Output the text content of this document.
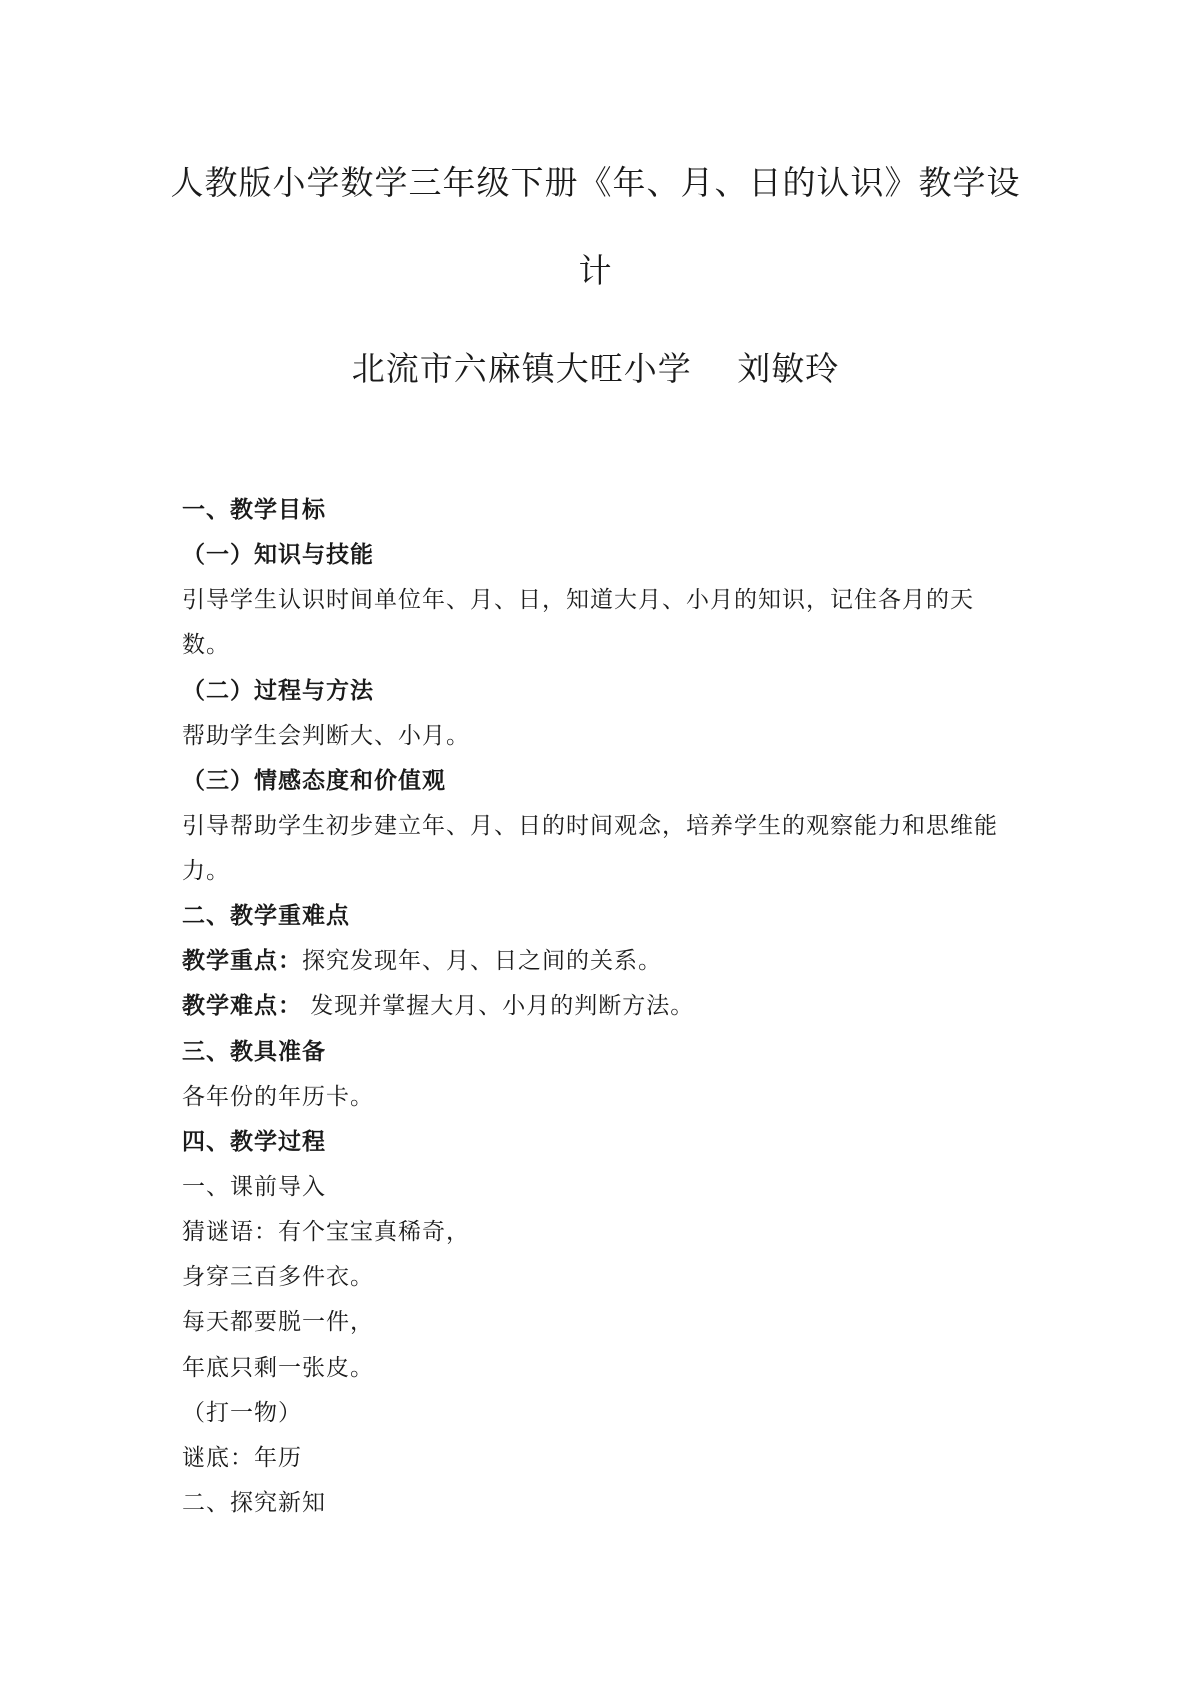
人教版小学数学三年级下册《年、月、日的认识》教学设
计
北流市六麻镇大旺小学　 刘敏玲
一、教学目标
（一）知识与技能
引导学生认识时间单位年、月、日，知道大月、小月的知识，记住各月的天
数。
（二）过程与方法
帮助学生会判断大、小月。
（三）情感态度和价值观
引导帮助学生初步建立年、月、日的时间观念，培养学生的观察能力和思维能
力。
二、教学重难点
教学重点：探究发现年、月、日之间的关系。
教学难点： 发现并掌握大月、小月的判断方法。
三、教具准备
各年份的年历卡。
四、教学过程
一、课前导入
猜谜语：有个宝宝真稀奇，
身穿三百多件衣。
每天都要脱一件，
年底只剩一张皮。
（打一物）
谜底：年历
二、探究新知
